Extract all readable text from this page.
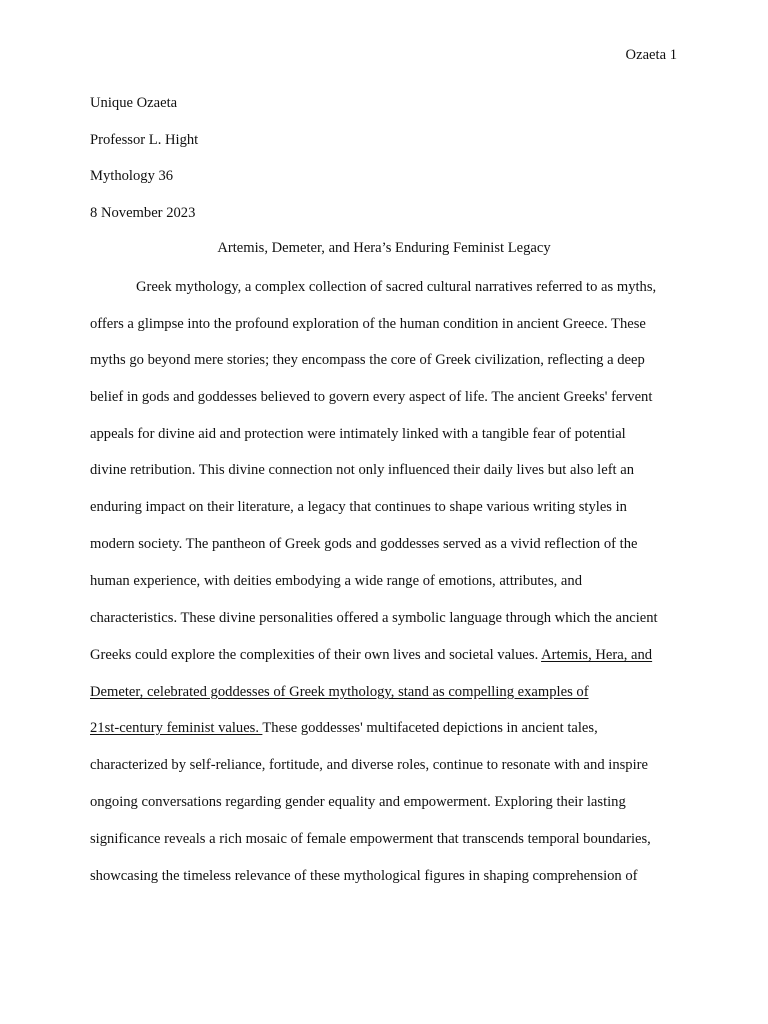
Ozaeta 1
Unique Ozaeta
Professor L. Hight
Mythology 36
8 November 2023
Artemis, Demeter, and Hera’s Enduring Feminist Legacy
Greek mythology, a complex collection of sacred cultural narratives referred to as myths,
offers a glimpse into the profound exploration of the human condition in ancient Greece. These
myths go beyond mere stories; they encompass the core of Greek civilization, reflecting a deep
belief in gods and goddesses believed to govern every aspect of life. The ancient Greeks' fervent
appeals for divine aid and protection were intimately linked with a tangible fear of potential
divine retribution. This divine connection not only influenced their daily lives but also left an
enduring impact on their literature, a legacy that continues to shape various writing styles in
modern society. The pantheon of Greek gods and goddesses served as a vivid reflection of the
human experience, with deities embodying a wide range of emotions, attributes, and
characteristics. These divine personalities offered a symbolic language through which the ancient
Greeks could explore the complexities of their own lives and societal values. Artemis, Hera, and
Demeter, celebrated goddesses of Greek mythology, stand as compelling examples of
21st-century feminist values. These goddesses' multifaceted depictions in ancient tales,
characterized by self-reliance, fortitude, and diverse roles, continue to resonate with and inspire
ongoing conversations regarding gender equality and empowerment. Exploring their lasting
significance reveals a rich mosaic of female empowerment that transcends temporal boundaries,
showcasing the timeless relevance of these mythological figures in shaping comprehension of
